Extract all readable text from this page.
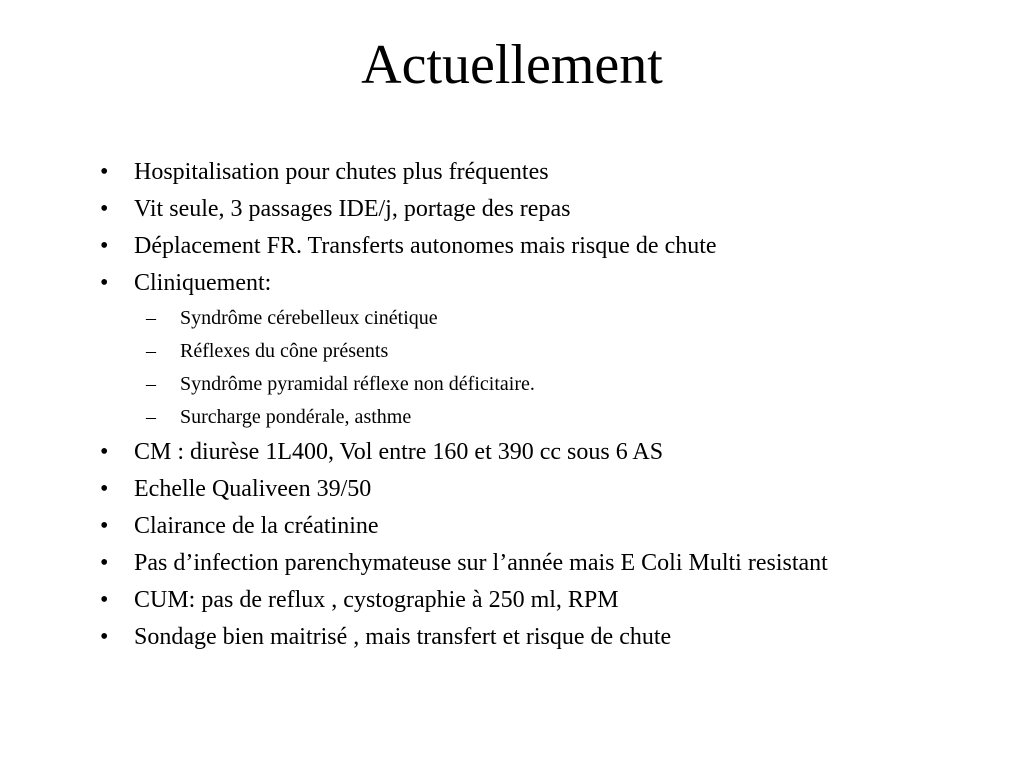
Actuellement
•	Hospitalisation pour chutes plus fréquentes
•	Vit seule, 3 passages IDE/j, portage des repas
•	Déplacement FR. Transferts autonomes mais risque de chute
•	Cliniquement:
– Syndrôme cérebelleux cinétique
– Réflexes du cône présents
– Syndrôme pyramidal réflexe non déficitaire.
– Surcharge pondérale, asthme
•	CM : diurèse 1L400, Vol entre 160 et 390 cc sous 6 AS
•	Echelle Qualiveen 39/50
•	Clairance de la créatinine
•	Pas d’infection parenchymateuse sur l’année mais E Coli Multi resistant
•	CUM: pas de reflux , cystographie à 250 ml, RPM
•	Sondage bien maitrisé , mais transfert et risque de chute
